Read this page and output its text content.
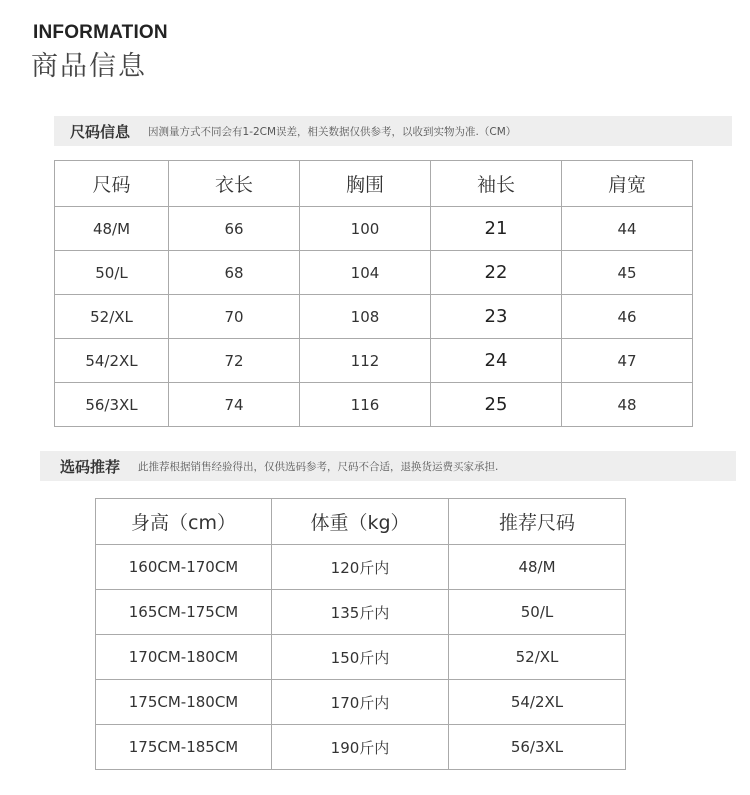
INFORMATION
商品信息
尺码信息 因测量方式不同会有1-2CM误差，相关数据仅供参考，以收到实物为准.（CM）
尺码	衣长	胸围	袖长	肩宽
48/M	66	100	21	44
50/L	68	104	22	45
52/XL	70	108	23	46
54/2XL	72	112	24	47
56/3XL	74	116	25	48
选码推荐 此推荐根据销售经验得出，仅供选码参考，尺码不合适，退换货运费买家承担.
身高（cm）	体重（kg）	推荐尺码
160CM-170CM	120斤内	48/M
165CM-175CM	135斤内	50/L
170CM-180CM	150斤内	52/XL
175CM-180CM	170斤内	54/2XL
175CM-185CM	190斤内	56/3XL
